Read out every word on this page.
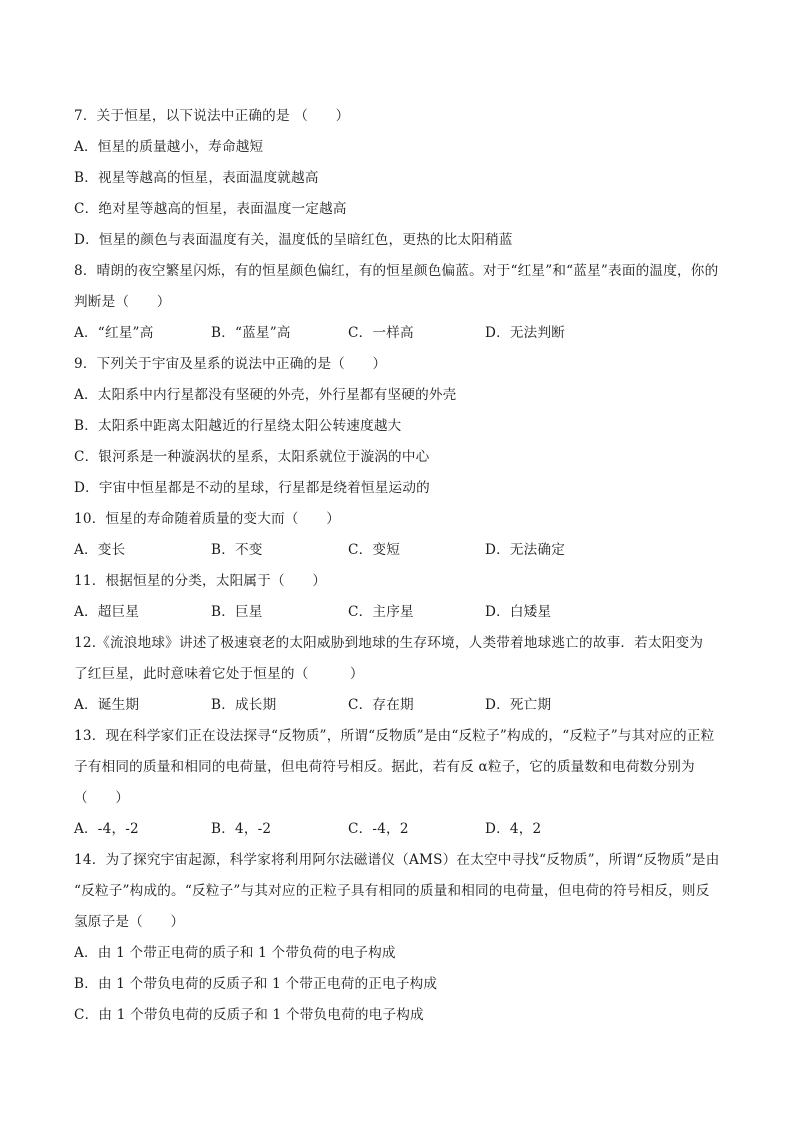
7．关于恒星，以下说法中正确的是 （　　）
A．恒星的质量越小，寿命越短
B．视星等越高的恒星，表面温度就越高
C．绝对星等越高的恒星，表面温度一定越高
D．恒星的颜色与表面温度有关，温度低的呈暗红色，更热的比太阳稍蓝
8．晴朗的夜空繁星闪烁，有的恒星颜色偏红，有的恒星颜色偏蓝。对于“红星”和“蓝星”表面的温度，你的
判断是（　　）
A．“红星”高	B．“蓝星”高	C．一样高	D．无法判断
9．下列关于宇宙及星系的说法中正确的是（　　）
A．太阳系中内行星都没有坚硬的外壳，外行星都有坚硬的外壳
B．太阳系中距离太阳越近的行星绕太阳公转速度越大
C．银河系是一种漩涡状的星系，太阳系就位于漩涡的中心
D．宇宙中恒星都是不动的星球，行星都是绕着恒星运动的
10．恒星的寿命随着质量的变大而（　　）
A．变长	B．不变	C．变短	D．无法确定
11．根据恒星的分类，太阳属于（　　）
A．超巨星	B．巨星	C．主序星	D．白矮星
12.《流浪地球》讲述了极速衰老的太阳威胁到地球的生存环境，人类带着地球逃亡的故事．若太阳变为
了红巨星，此时意味着它处于恒星的（　　　）
A．诞生期	B．成长期	C．存在期	D．死亡期
13．现在科学家们正在设法探寻“反物质”，所谓“反物质”是由“反粒子”构成的，“反粒子”与其对应的正粒
子有相同的质量和相同的电荷量，但电荷符号相反。据此，若有反 α粒子，它的质量数和电荷数分别为
（　　）
A．-4，-2	B．4，-2	C．-4，2	D．4，2
14．为了探究宇宙起源，科学家将利用阿尔法磁谱仪（AMS）在太空中寻找“反物质”，所谓“反物质”是由
“反粒子”构成的。“反粒子”与其对应的正粒子具有相同的质量和相同的电荷量，但电荷的符号相反，则反
氢原子是（　　）
A．由 1 个带正电荷的质子和 1 个带负荷的电子构成
B．由 1 个带负电荷的反质子和 1 个带正电荷的正电子构成
C．由 1 个带负电荷的反质子和 1 个带负电荷的电子构成
